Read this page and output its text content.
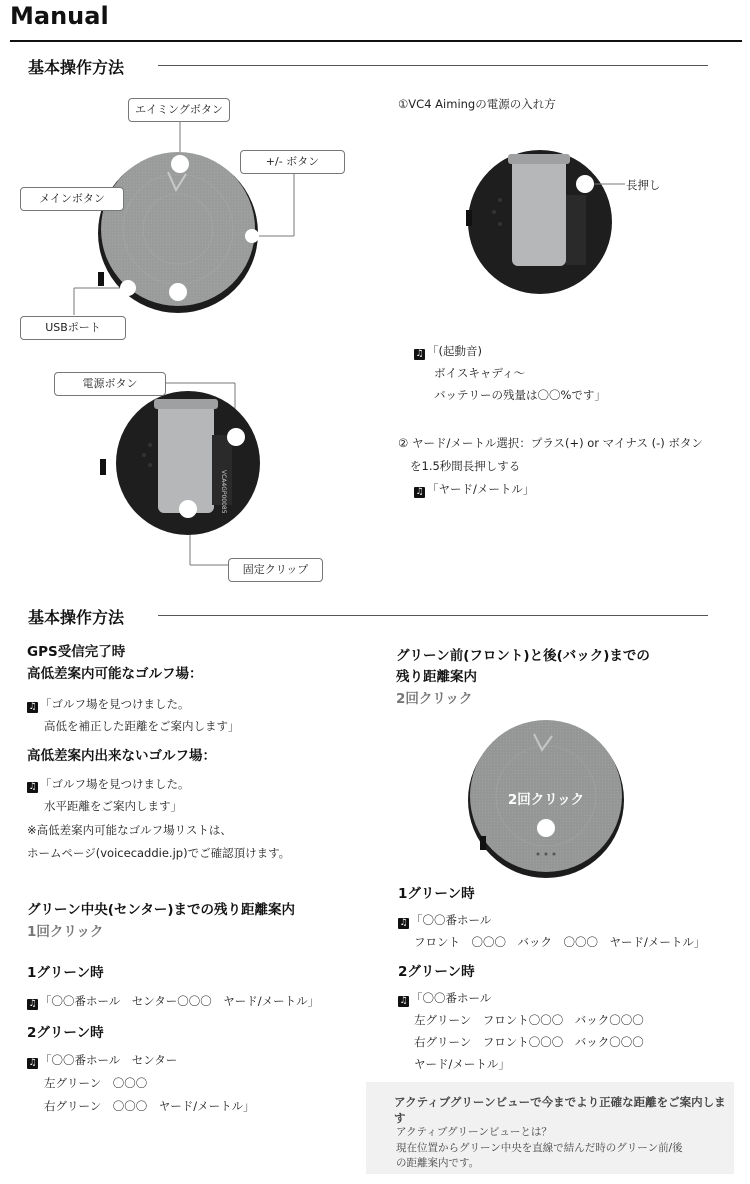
Manual
基本操作方法
エイミングボタン
+/- ボタン
メインボタン
USBポート
VCA4GP00085
電源ボタン
固定クリップ
①VC4 Aimingの電源の入れ方
長押し
♫ 「(起動音)
ボイスキャディ～
バッテリーの残量は〇〇%です」
② ヤード/メートル選択：プラス(+) or マイナス (-) ボタン
を1.5秒間長押しする
♫ 「ヤード/メートル」
基本操作方法
GPS受信完了時
高低差案内可能なゴルフ場：
♫ 「ゴルフ場を見つけました。
高低を補正した距離をご案内します」
高低差案内出来ないゴルフ場：
♫ 「ゴルフ場を見つけました。
水平距離をご案内します」
※高低差案内可能なゴルフ場リストは、
ホームページ(voicecaddie.jp)でご確認頂けます。
グリーン中央(センター)までの残り距離案内
1回クリック
1グリーン時
♫ 「〇〇番ホール　センター〇〇〇　ヤード/メートル」
2グリーン時
♫ 「〇〇番ホール　センター
左グリーン　〇〇〇
右グリーン　〇〇〇　ヤード/メートル」
グリーン前(フロント)と後(バック)までの
残り距離案内
2回クリック
2回クリック
1グリーン時
♫ 「〇〇番ホール
フロント　〇〇〇　バック　〇〇〇　ヤード/メートル」
2グリーン時
♫ 「〇〇番ホール
左グリーン　フロント〇〇〇　バック〇〇〇
右グリーン　フロント〇〇〇　バック〇〇〇
ヤード/メートル」
アクティブグリーンビューで今までより正確な距離をご案内します
アクティブグリーンビューとは？
現在位置からグリーン中央を直線で結んだ時のグリーン前/後
の距離案内です。
